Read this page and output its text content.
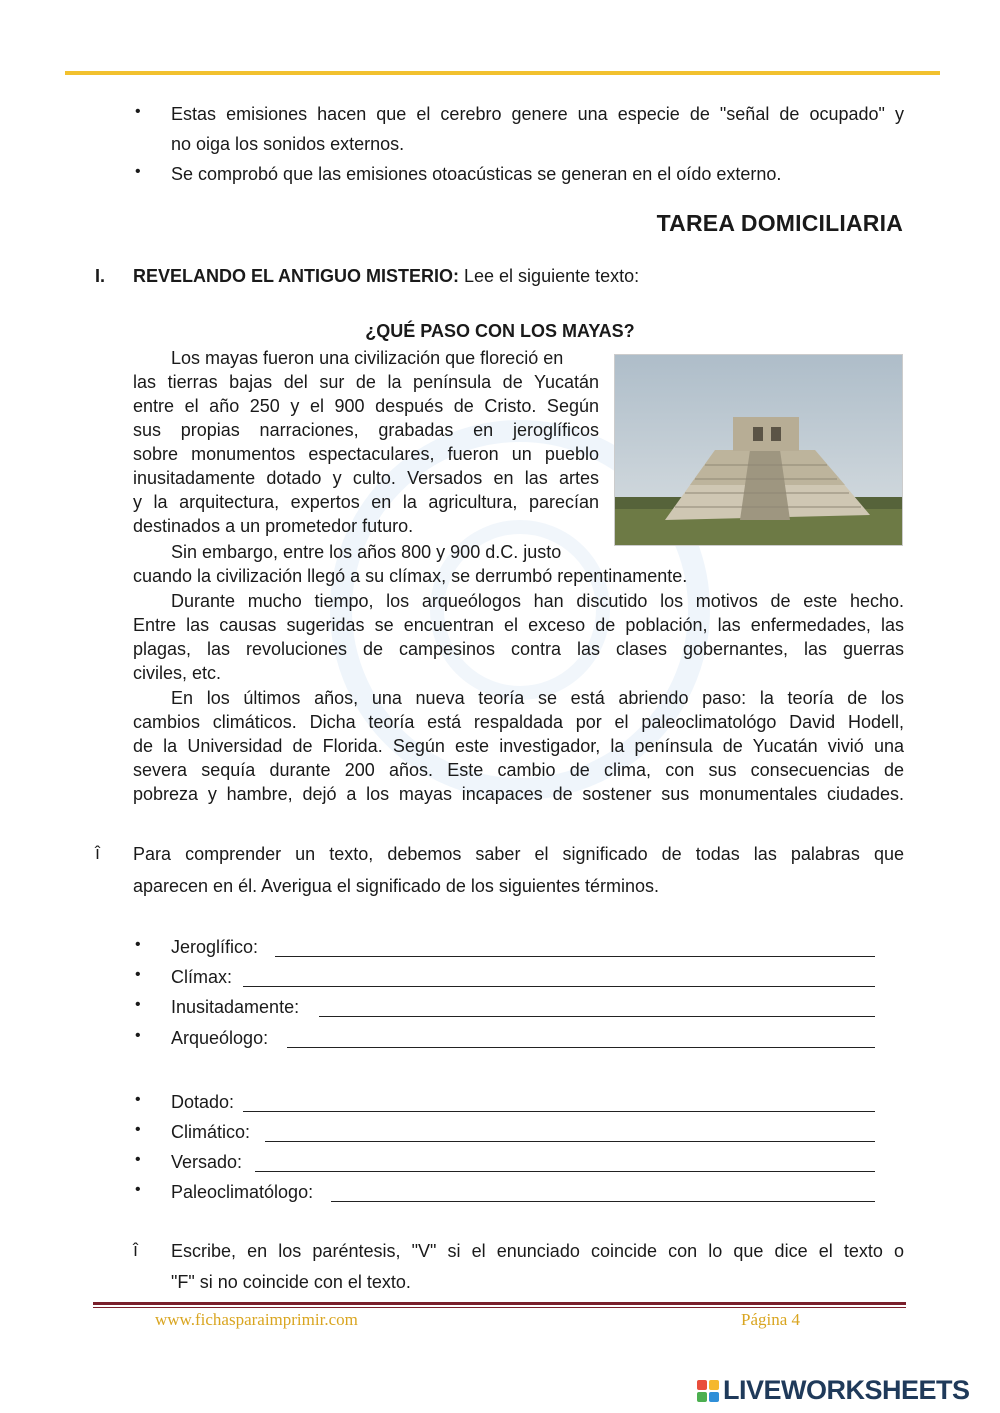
• Estas emisiones hacen que el cerebro genere una especie de "señal de ocupado" y
no oiga los sonidos externos.
• Se comprobó que las emisiones otoacústicas se generan en el oído externo.
TAREA DOMICILIARIA
I. REVELANDO EL ANTIGUO MISTERIO: Lee el siguiente texto:
¿QUÉ PASO CON LOS MAYAS?
Los mayas fueron una civilización que floreció en
las tierras bajas del sur de la península de Yucatán
entre el año 250 y el 900 después de Cristo. Según
sus propias narraciones, grabadas en jeroglíficos
sobre monumentos espectaculares, fueron un pueblo
inusitadamente dotado y culto. Versados en las artes
y la arquitectura, expertos en la agricultura, parecían
destinados a un prometedor futuro.
Sin embargo, entre los años 800 y 900 d.C. justo
cuando la civilización llegó a su clímax, se derrumbó repentinamente.
Durante mucho tiempo, los arqueólogos han discutido los motivos de este hecho.
Entre las causas sugeridas se encuentran el exceso de población, las enfermedades, las
plagas, las revoluciones de campesinos contra las clases gobernantes, las guerras
civiles, etc.
En los últimos años, una nueva teoría se está abriendo paso: la teoría de los
cambios climáticos. Dicha teoría está respaldada por el paleoclimatológo David Hodell,
de la Universidad de Florida. Según este investigador, la península de Yucatán vivió una
severa sequía durante 200 años. Este cambio de clima, con sus consecuencias de
pobreza y hambre, dejó a los mayas incapaces de sostener sus monumentales ciudades.
î Para comprender un texto, debemos saber el significado de todas las palabras que
aparecen en él. Averigua el significado de los siguientes términos.
• Jeroglífico:
• Clímax:
• Inusitadamente:
• Arqueólogo:
• Dotado:
• Climático:
• Versado:
• Paleoclimatólogo:
î Escribe, en los paréntesis, "V" si el enunciado coincide con lo que dice el texto o
"F" si no coincide con el texto.
www.fichasparaimprimir.com	Página 4
LIVEWORKSHEETS
